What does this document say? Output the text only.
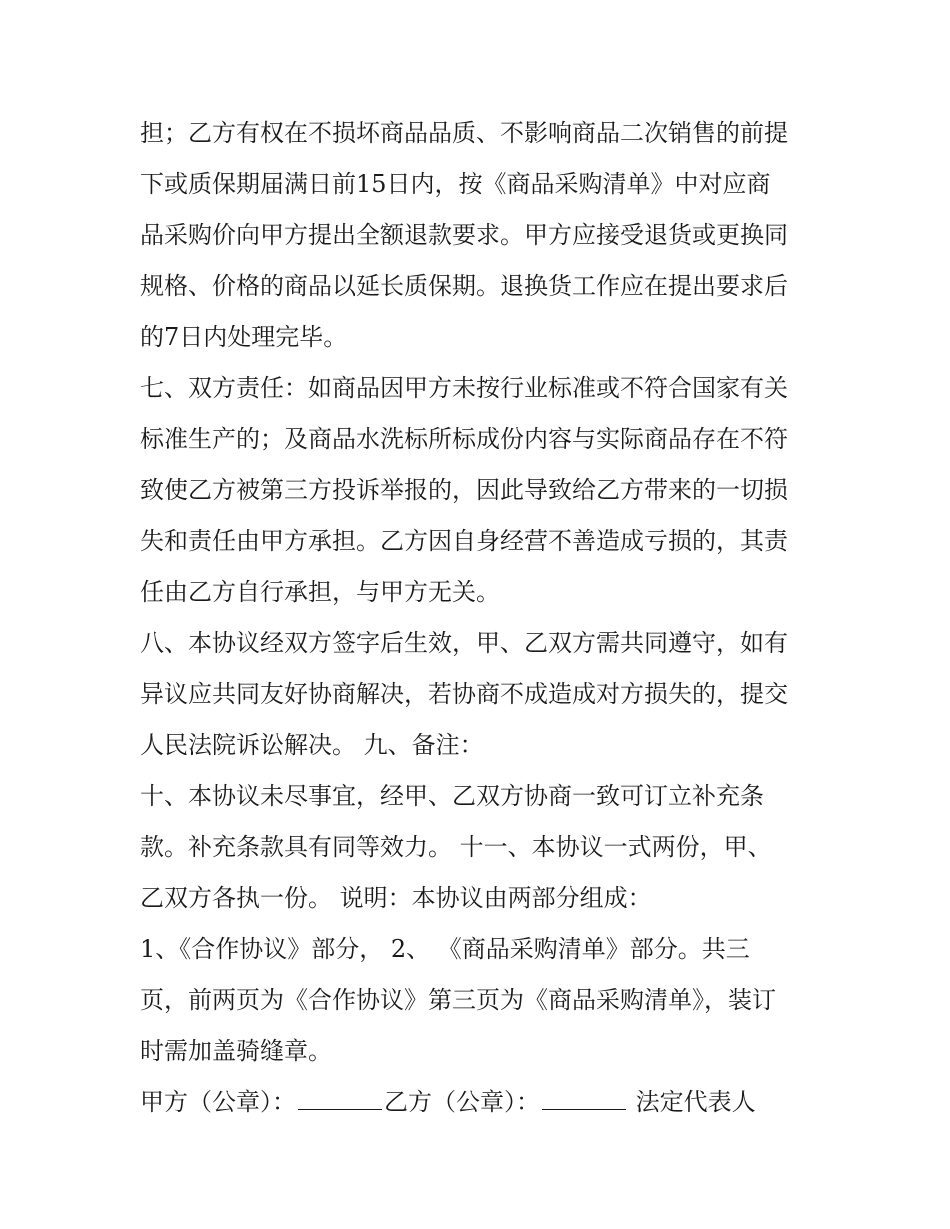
担；乙方有权在不损坏商品品质、不影响商品二次销售的前提
下或质保期届满日前15日内，按《商品采购清单》中对应商
品采购价向甲方提出全额退款要求。甲方应接受退货或更换同
规格、价格的商品以延长质保期。退换货工作应在提出要求后
的7日内处理完毕。
七、双方责任：如商品因甲方未按行业标准或不符合国家有关
标准生产的；及商品水洗标所标成份内容与实际商品存在不符
致使乙方被第三方投诉举报的，因此导致给乙方带来的一切损
失和责任由甲方承担。乙方因自身经营不善造成亏损的，其责
任由乙方自行承担，与甲方无关。
八、本协议经双方签字后生效，甲、乙双方需共同遵守，如有
异议应共同友好协商解决，若协商不成造成对方损失的，提交
人民法院诉讼解决。 九、备注：
十、本协议未尽事宜，经甲、乙双方协商一致可订立补充条
款。补充条款具有同等效力。 十一、本协议一式两份，甲、
乙双方各执一份。 说明：本协议由两部分组成：
1、《合作协议》部分， 2、 《商品采购清单》部分。共三
页，前两页为《合作协议》第三页为《商品采购清单》，装订
时需加盖骑缝章。
甲方（公章）：	乙方（公章）：	法定代表人
